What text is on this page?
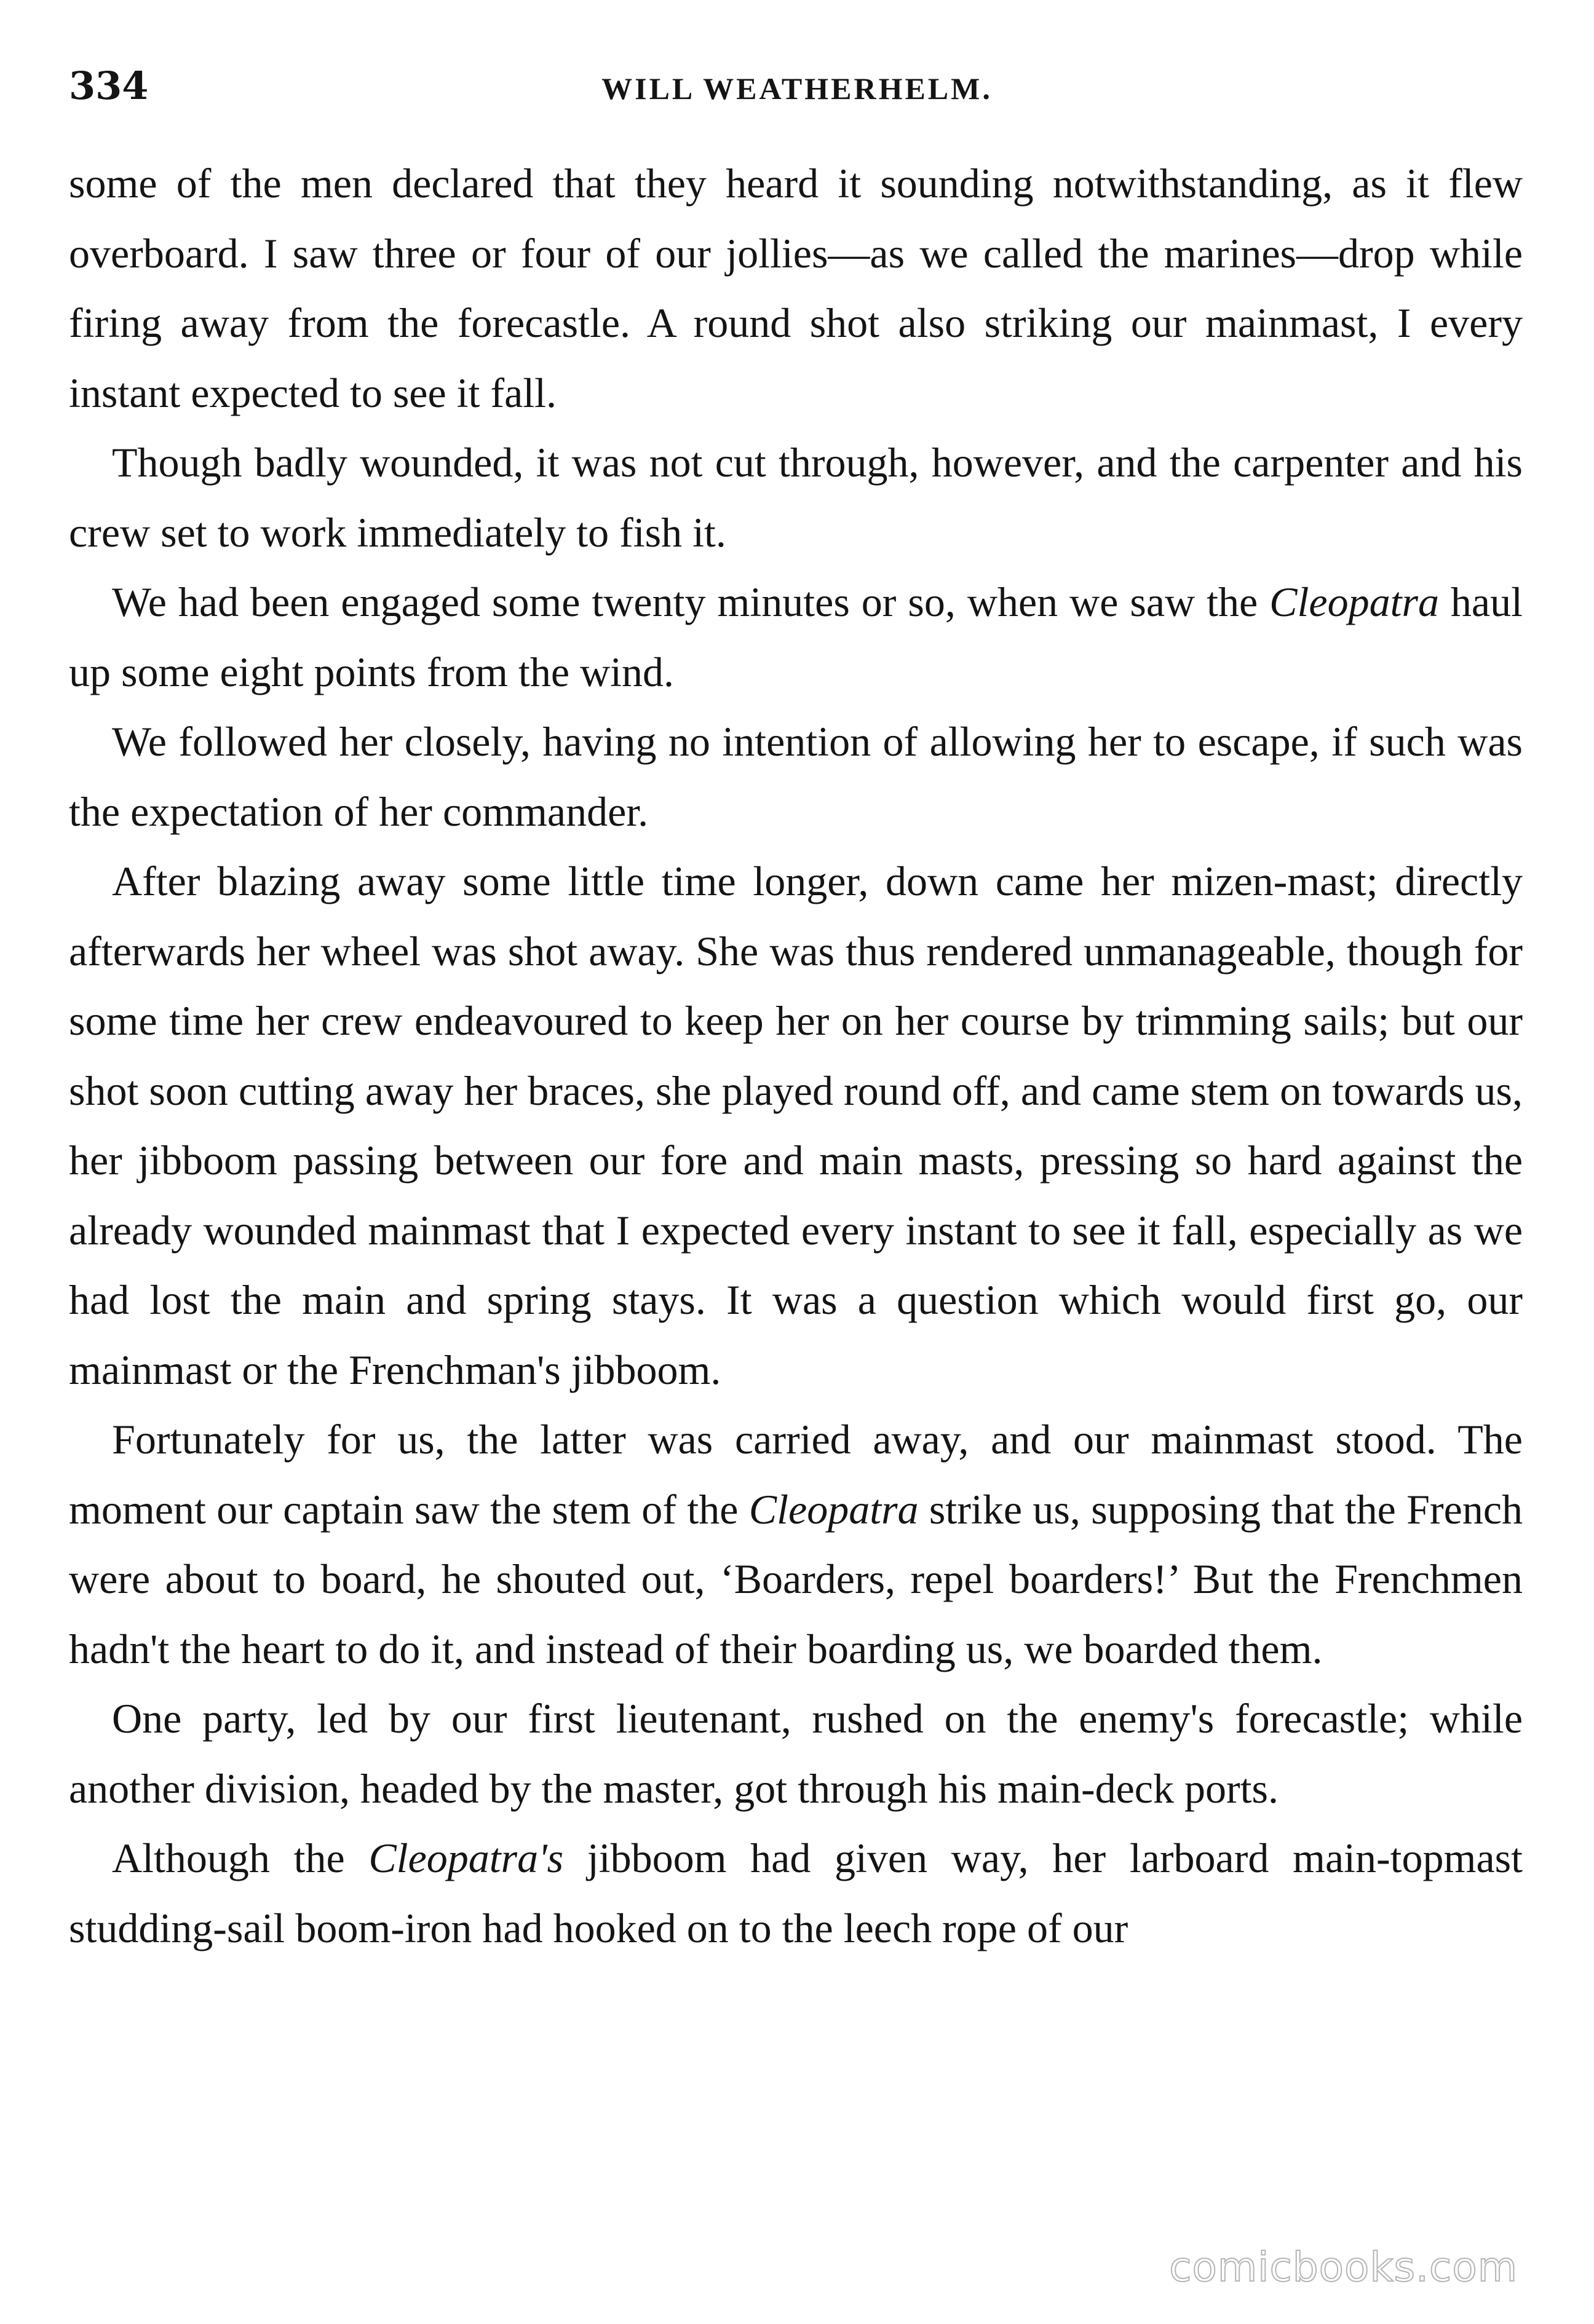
334	WILL WEATHERHELM.

some of the men declared that they heard it sounding notwithstanding, as it flew overboard. I saw three or four of our jollies—as we called the marines—drop while firing away from the forecastle. A round shot also striking our mainmast, I every instant expected to see it fall.

Though badly wounded, it was not cut through, however, and the carpenter and his crew set to work immediately to fish it.

We had been engaged some twenty minutes or so, when we saw the Cleopatra haul up some eight points from the wind.

We followed her closely, having no intention of allowing her to escape, if such was the expectation of her commander.

After blazing away some little time longer, down came her mizen-mast; directly afterwards her wheel was shot away. She was thus rendered unmanageable, though for some time her crew endeavoured to keep her on her course by trimming sails; but our shot soon cutting away her braces, she played round off, and came stem on towards us, her jibboom passing between our fore and main masts, pressing so hard against the already wounded mainmast that I expected every instant to see it fall, especially as we had lost the main and spring stays. It was a question which would first go, our mainmast or the Frenchman's jibboom.

Fortunately for us, the latter was carried away, and our mainmast stood. The moment our captain saw the stem of the Cleopatra strike us, supposing that the French were about to board, he shouted out, ‘Boarders, repel boarders!’ But the Frenchmen hadn't the heart to do it, and instead of their boarding us, we boarded them.

One party, led by our first lieutenant, rushed on the enemy's forecastle; while another division, headed by the master, got through his main-deck ports.

Although the Cleopatra's jibboom had given way, her larboard main-topmast studding-sail boom-iron had hooked on to the leech rope of our

comicbooks.com
